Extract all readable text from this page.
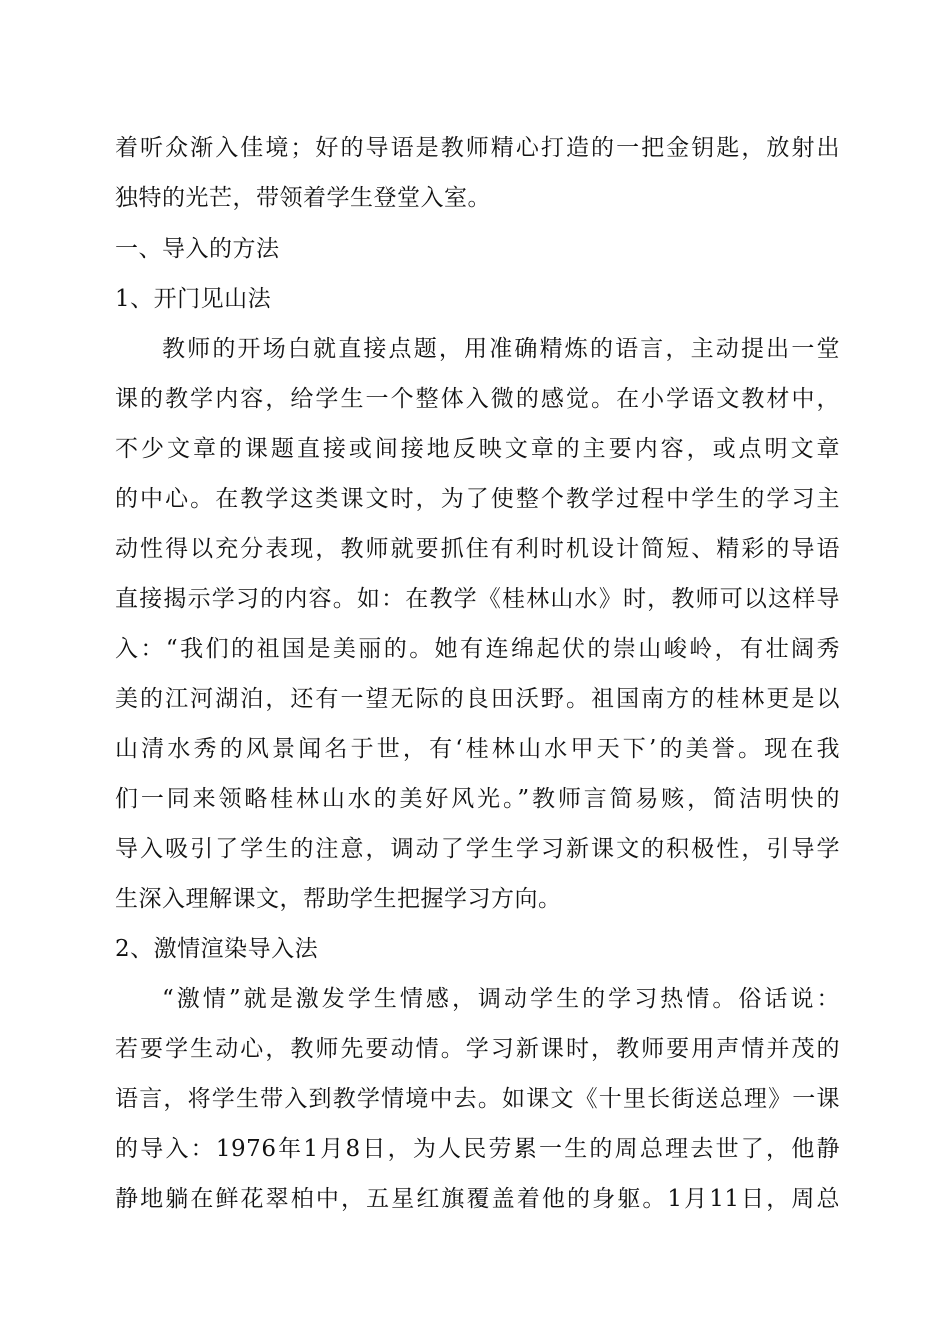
着听众渐入佳境；好的导语是教师精心打造的一把金钥匙，放射出
独特的光芒，带领着学生登堂入室。
一、导入的方法
1、开门见山法
教师的开场白就直接点题，用准确精炼的语言，主动提出一堂
课的教学内容，给学生一个整体入微的感觉。在小学语文教材中，
不少文章的课题直接或间接地反映文章的主要内容，或点明文章
的中心。在教学这类课文时，为了使整个教学过程中学生的学习主
动性得以充分表现，教师就要抓住有利时机设计简短、精彩的导语
直接揭示学习的内容。如：在教学《桂林山水》时，教师可以这样导
入：“我们的祖国是美丽的。她有连绵起伏的崇山峻岭，有壮阔秀
美的江河湖泊，还有一望无际的良田沃野。祖国南方的桂林更是以
山清水秀的风景闻名于世，有‘桂林山水甲天下’的美誉。现在我
们一同来领略桂林山水的美好风光。”教师言简易赅，简洁明快的
导入吸引了学生的注意，调动了学生学习新课文的积极性，引导学
生深入理解课文，帮助学生把握学习方向。
2、激情渲染导入法
“激情”就是激发学生情感，调动学生的学习热情。俗话说：
若要学生动心，教师先要动情。学习新课时，教师要用声情并茂的
语言，将学生带入到教学情境中去。如课文《十里长街送总理》一课
的导入：1976年1月8日，为人民劳累一生的周总理去世了，他静
静地躺在鲜花翠柏中，五星红旗覆盖着他的身躯。1月11日，周总
